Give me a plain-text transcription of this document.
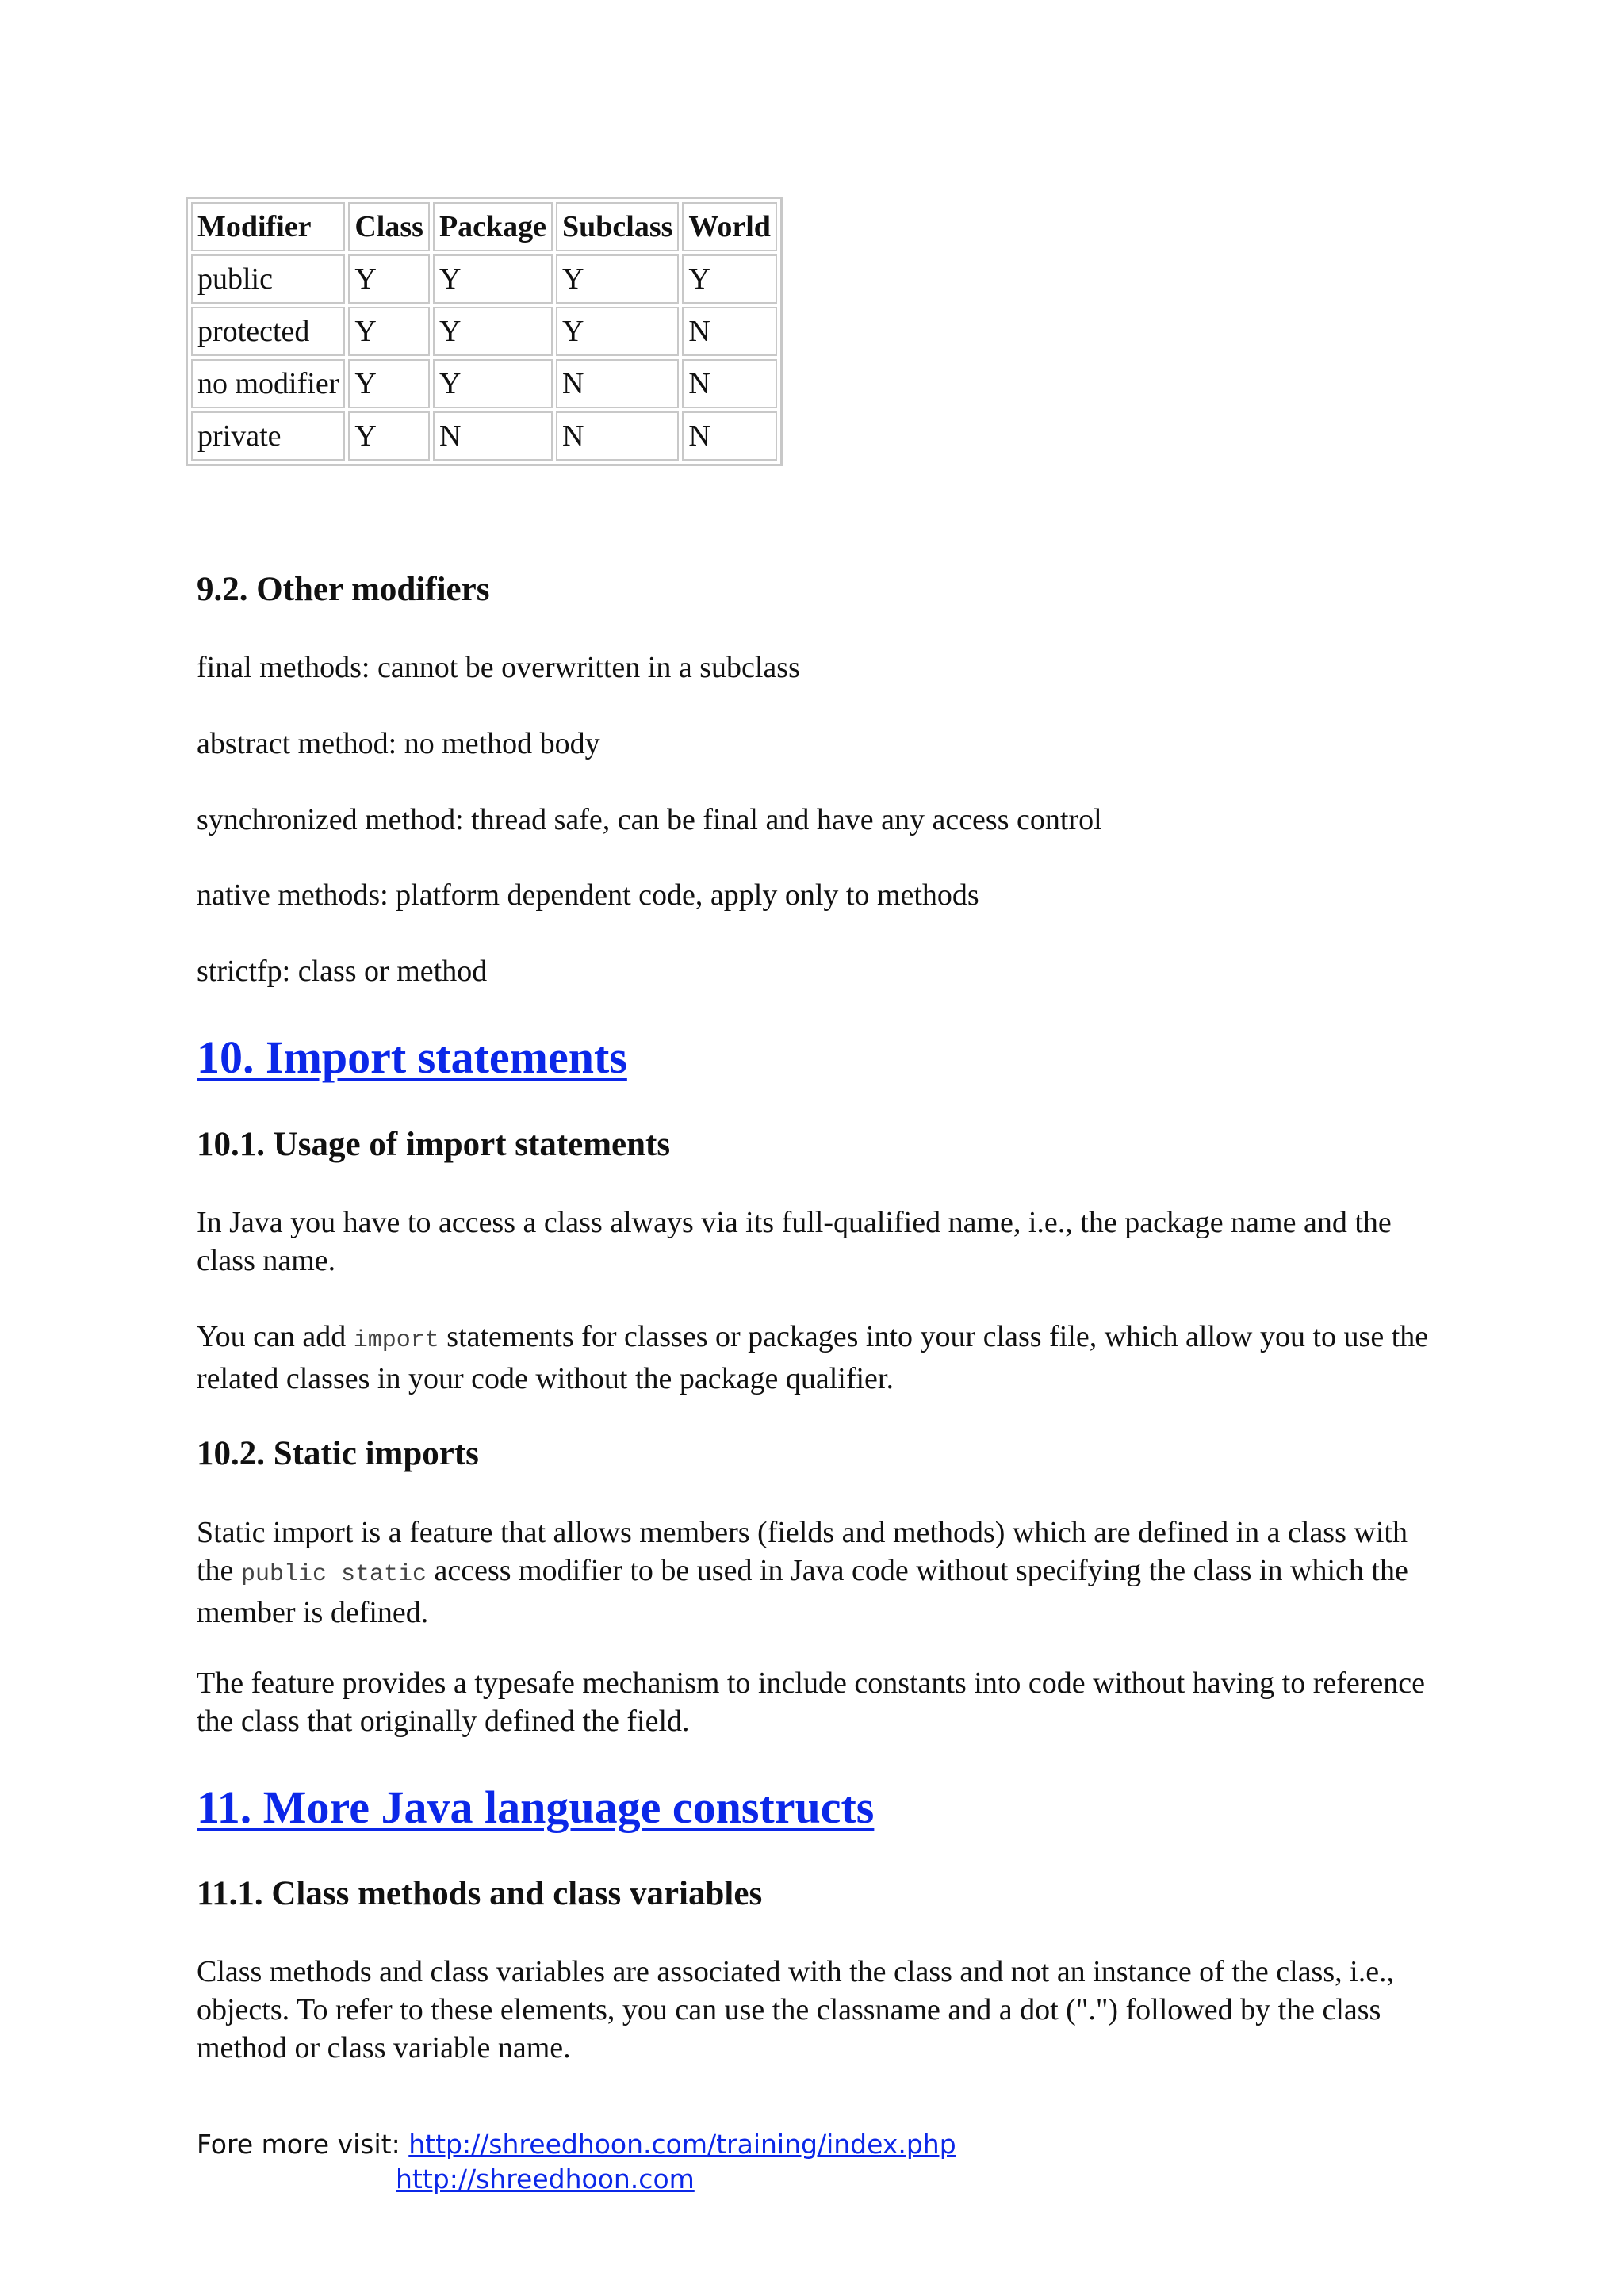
Modifier	Class	Package	Subclass	World
public	Y	Y	Y	Y
protected	Y	Y	Y	N
no modifier	Y	Y	N	N
private	Y	N	N	N
9.2. Other modifiers
final methods: cannot be overwritten in a subclass
abstract method: no method body
synchronized method: thread safe, can be final and have any access control
native methods: platform dependent code, apply only to methods
strictfp: class or method
10. Import statements
10.1. Usage of import statements
In Java you have to access a class always via its full-qualified name, i.e., the package name and the class name.
You can add import statements for classes or packages into your class file, which allow you to use the related classes in your code without the package qualifier.
10.2. Static imports
Static import is a feature that allows members (fields and methods) which are defined in a class with the public static access modifier to be used in Java code without specifying the class in which the member is defined.
The feature provides a typesafe mechanism to include constants into code without having to reference the class that originally defined the field.
11. More Java language constructs
11.1. Class methods and class variables
Class methods and class variables are associated with the class and not an instance of the class, i.e., objects. To refer to these elements, you can use the classname and a dot (".") followed by the class method or class variable name.
Fore more visit: http://shreedhoon.com/training/index.php
http://shreedhoon.com
